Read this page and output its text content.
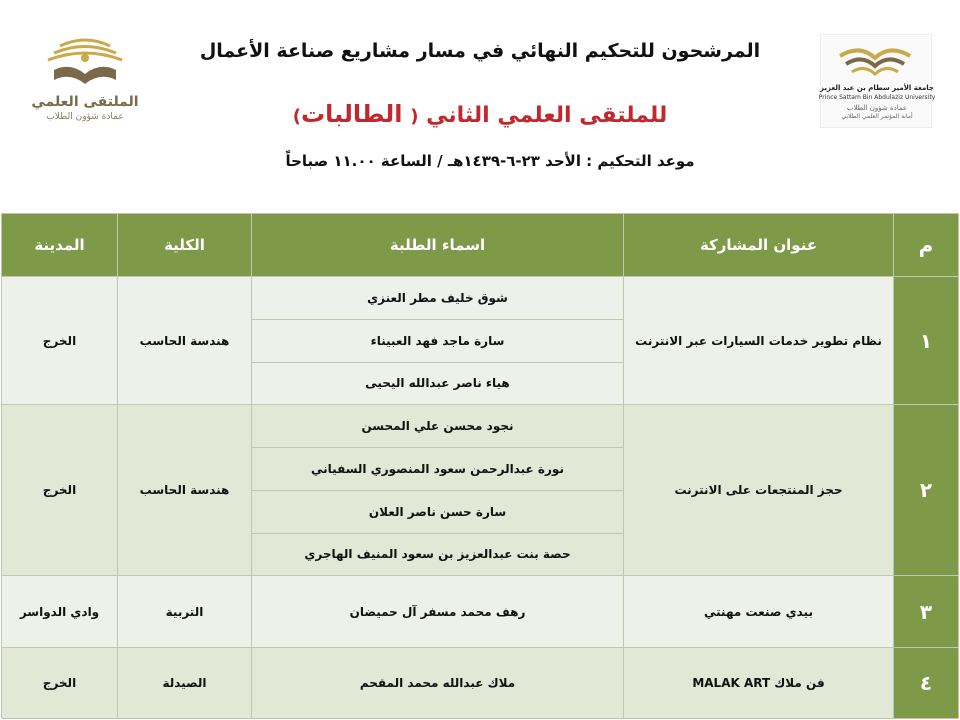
الملتقى العلمي
عمادة شؤون الطلاب
جامعة الأمير سطام بن عبد العزيز
Prince Sattam Bin Abdulaziz University
عمادة شؤون الطلاب
أمانة المؤتمر العلمي الطلابي
المرشحون للتحكيم النهائي في مسار مشاريع صناعة الأعمال
للملتقى العلمي الثاني ( الطالبات)
موعد التحكيم : الأحد ٢٣-٦-١٤٣٩هـ / الساعة ١١.٠٠ صباحاً
م	عنوان المشاركة	اسماء الطلبة	الكلية	المدينة
١	نظام تطوير خدمات السيارات عبر الانترنت	شوق خليف مطر العنزي	هندسة الحاسب	الخرج
		سارة ماجد فهد العبيناء		
		هياء ناصر عبدالله اليحيى		
٢	حجز المنتجعات على الانترنت	نجود محسن علي المحسن	هندسة الحاسب	الخرج
		نورة عبدالرحمن سعود المنصوري السفياني		
		سارة حسن ناصر العلان		
		حصة بنت عبدالعزيز بن سعود المنيف الهاجري		
٣	بيدي صنعت مهنتي	رهف محمد مسفر آل حميضان	التربية	وادي الدواسر
٤	فن ملاك MALAK ART	ملاك عبدالله محمد المقحم	الصيدلة	الخرج
